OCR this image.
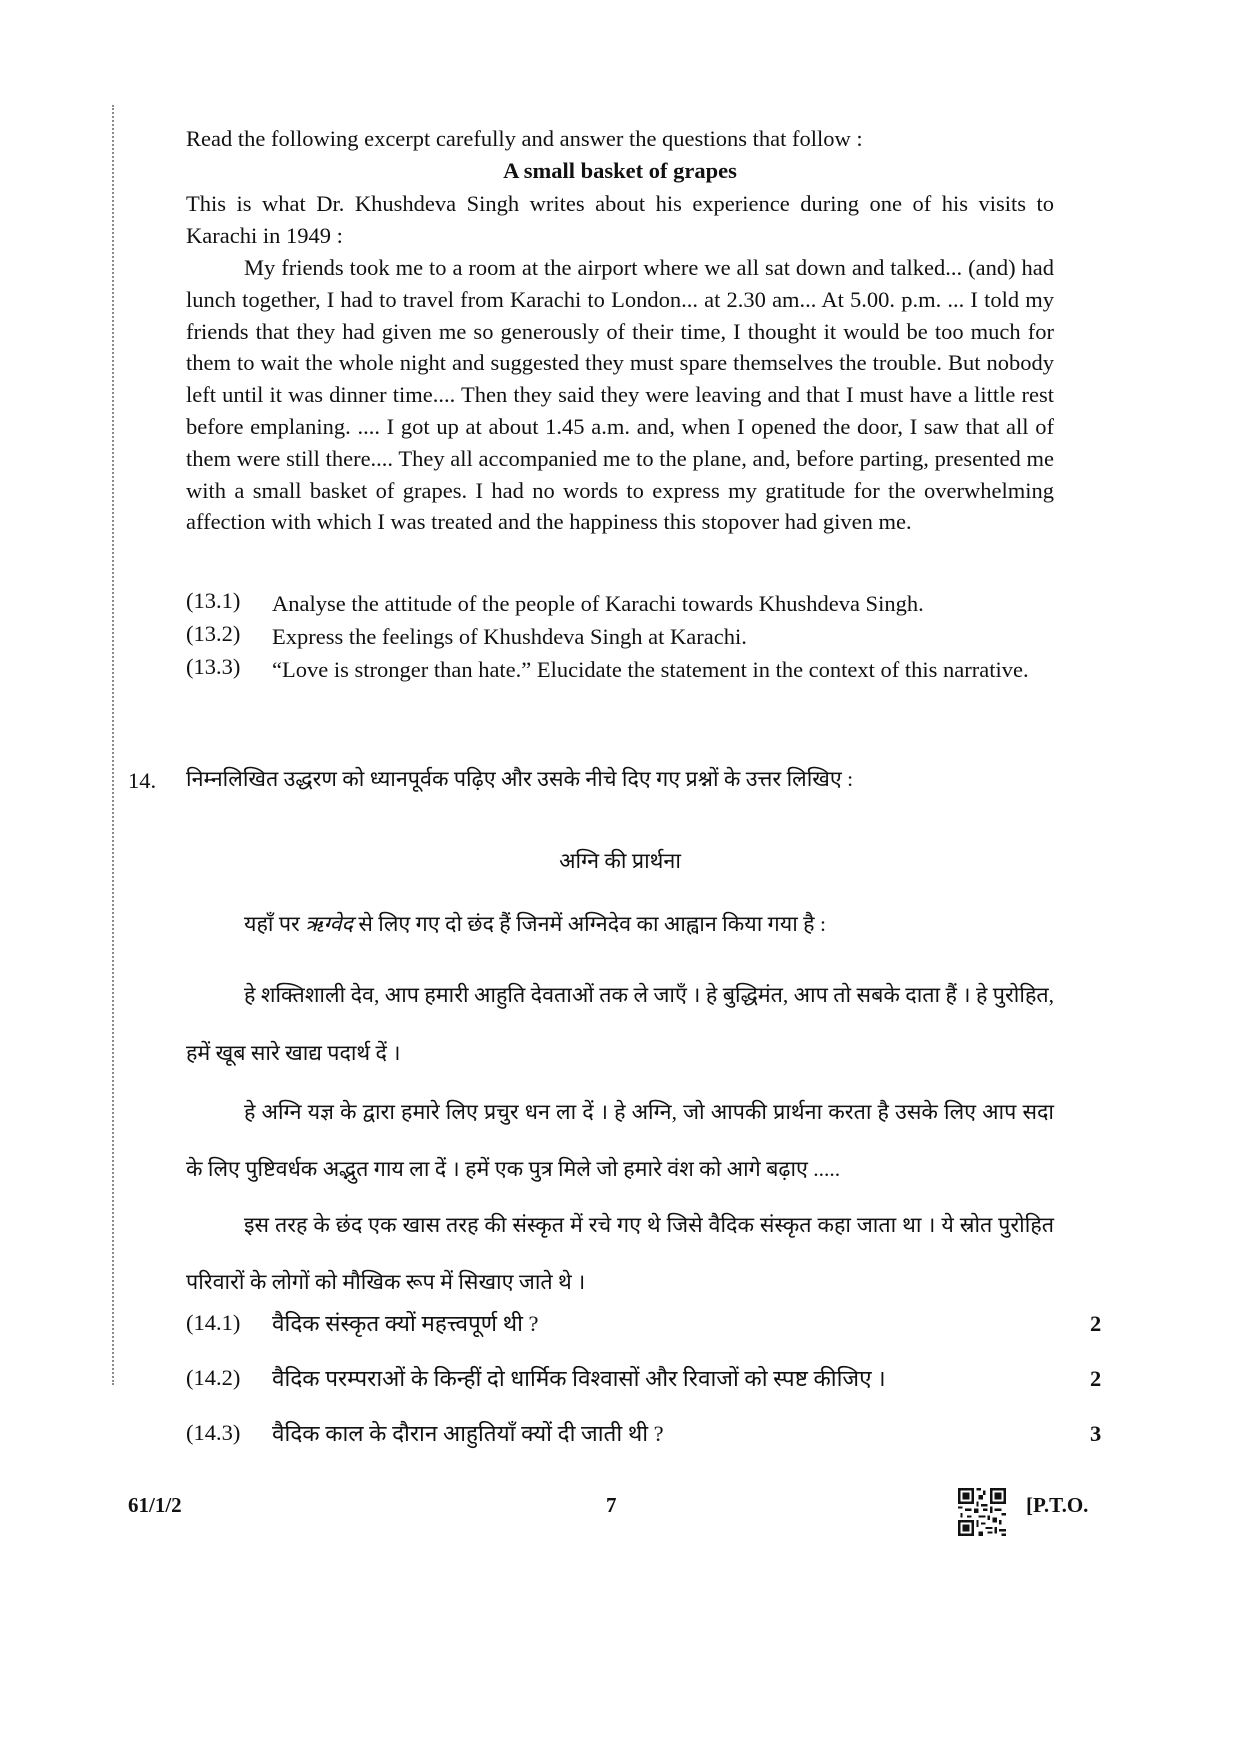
Read the following excerpt carefully and answer the questions that follow :
A small basket of grapes

This is what Dr. Khushdeva Singh writes about his experience during one of his visits to Karachi in 1949 :

My friends took me to a room at the airport where we all sat down and talked... (and) had lunch together, I had to travel from Karachi to London... at 2.30 am... At 5.00. p.m. ... I told my friends that they had given me so generously of their time, I thought it would be too much for them to wait the whole night and suggested they must spare themselves the trouble. But nobody left until it was dinner time.... Then they said they were leaving and that I must have a little rest before emplaning. .... I got up at about 1.45 a.m. and, when I opened the door, I saw that all of them were still there.... They all accompanied me to the plane, and, before parting, presented me with a small basket of grapes. I had no words to express my gratitude for the overwhelming affection with which I was treated and the happiness this stopover had given me.

(13.1) Analyse the attitude of the people of Karachi towards Khushdeva Singh.
(13.2) Express the feelings of Khushdeva Singh at Karachi.
(13.3) “Love is stronger than hate.” Elucidate the statement in the context of this narrative.
14. निम्नलिखित उद्धरण को ध्यानपूर्वक पढ़िए और उसके नीचे दिए गए प्रश्नों के उत्तर लिखिए :
अग्नि की प्रार्थना
यहाँ पर ऋग्वेद से लिए गए दो छंद हैं जिनमें अग्निदेव का आह्वान किया गया है :

हे शक्तिशाली देव, आप हमारी आहुति देवताओं तक ले जाएँ । हे बुद्धिमंत, आप तो सबके दाता हैं । हे पुरोहित, हमें खूब सारे खाद्य पदार्थ दें ।

हे अग्नि यज्ञ के द्वारा हमारे लिए प्रचुर धन ला दें । हे अग्नि, जो आपकी प्रार्थना करता है उसके लिए आप सदा के लिए पुष्टिवर्धक अद्भुत गाय ला दें । हमें एक पुत्र मिले जो हमारे वंश को आगे बढ़ाए .....

इस तरह के छंद एक खास तरह की संस्कृत में रचे गए थे जिसे वैदिक संस्कृत कहा जाता था । ये स्रोत पुरोहित परिवारों के लोगों को मौखिक रूप में सिखाए जाते थे ।

(14.1) वैदिक संस्कृत क्यों महत्त्वपूर्ण थी ?	2
(14.2) वैदिक परम्पराओं के किन्हीं दो धार्मिक विश्वासों और रिवाजों को स्पष्ट कीजिए ।	2
(14.3) वैदिक काल के दौरान आहुतियाँ क्यों दी जाती थी ?	3
61/1/2	7	[P.T.O.
